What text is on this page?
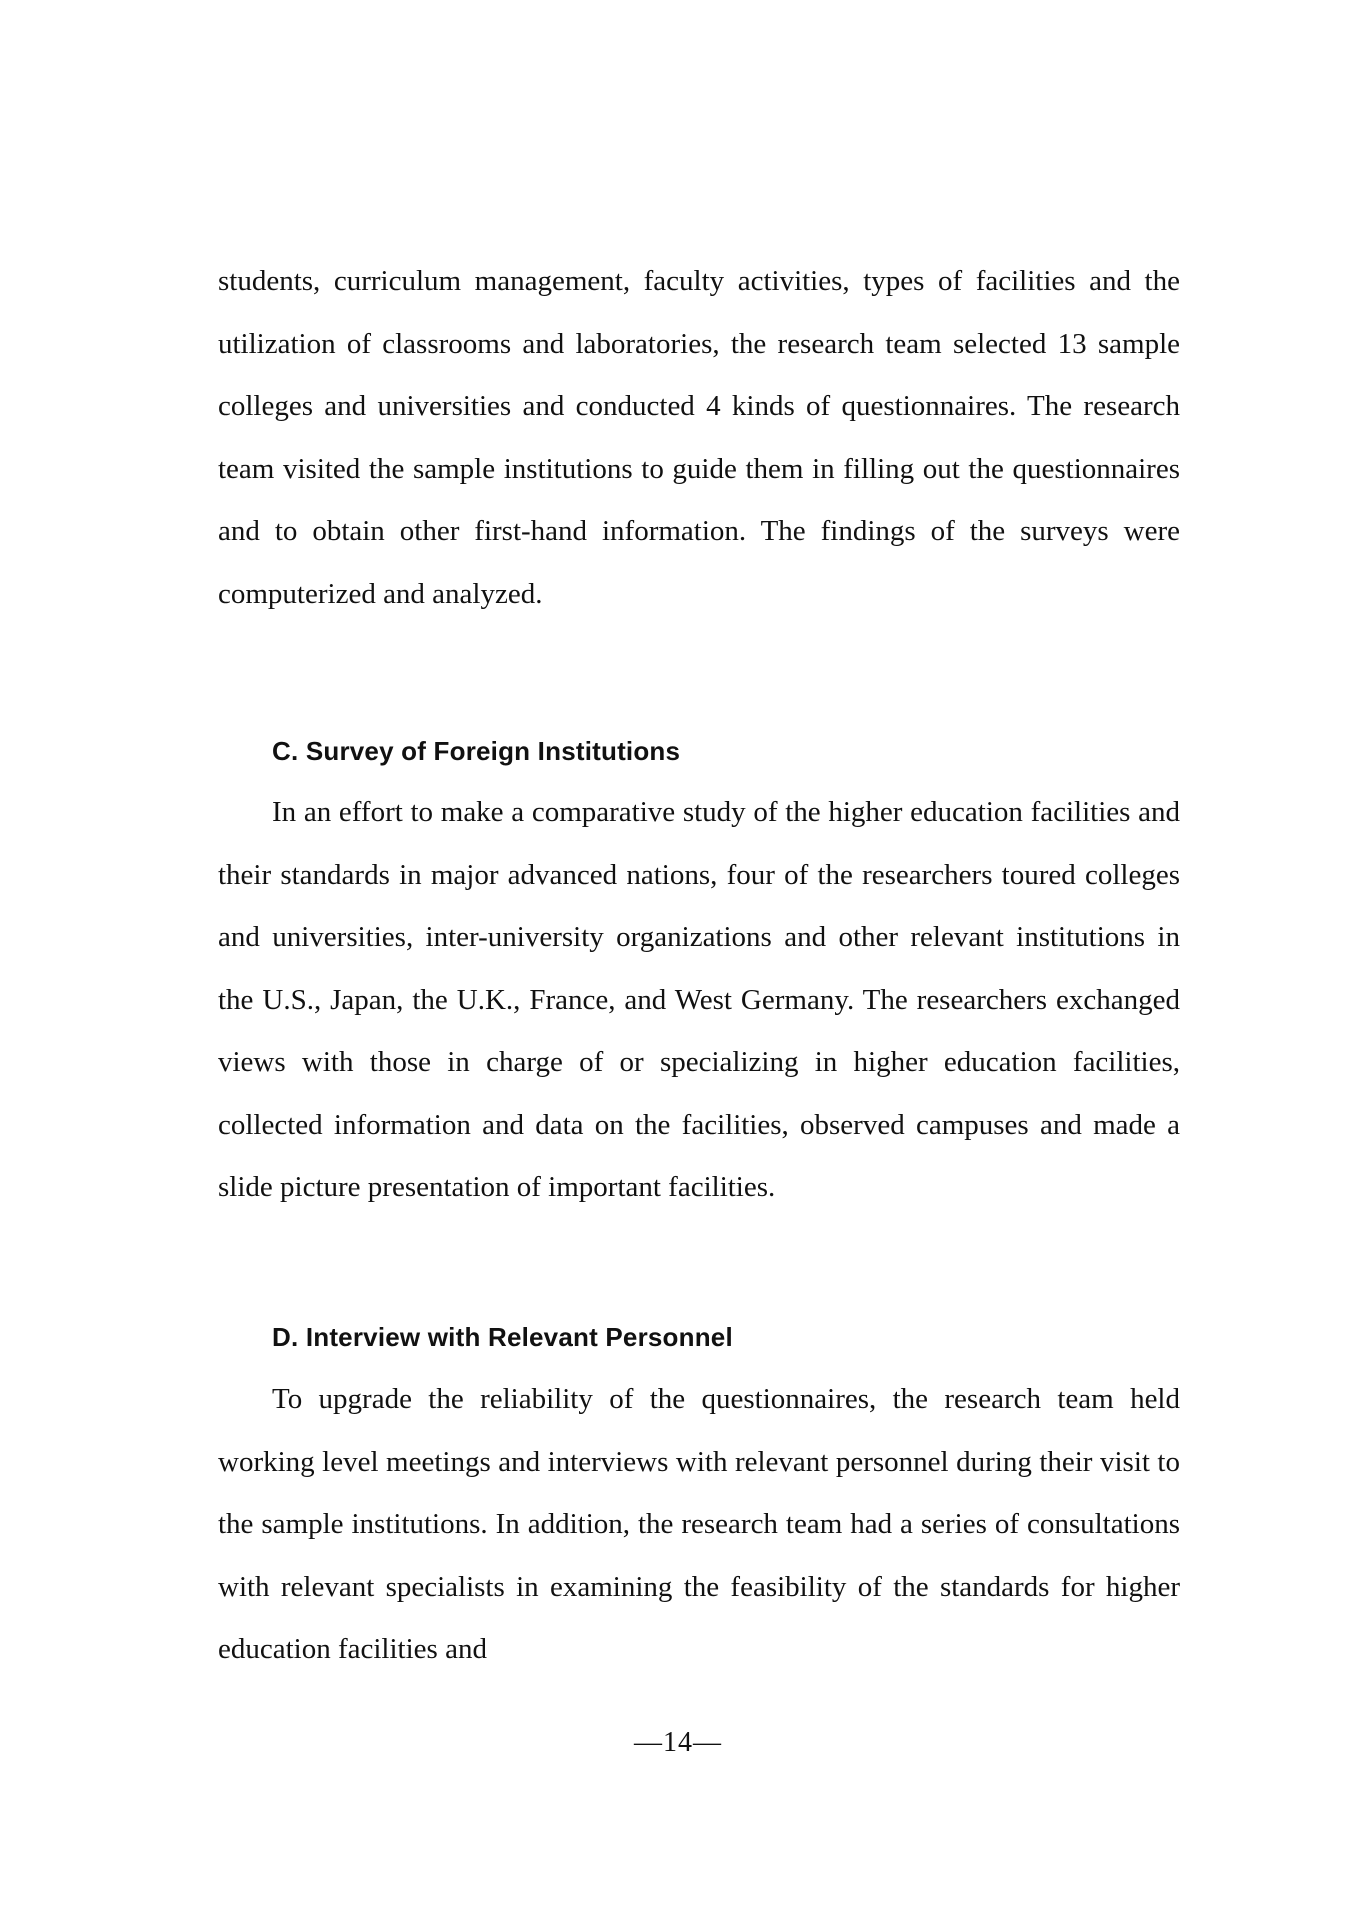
students, curriculum management, faculty activities, types of facilities and the utilization of classrooms and laboratories, the research team selected 13 sample colleges and universities and conducted 4 kinds of questionnaires. The research team visited the sample institutions to guide them in filling out the questionnaires and to obtain other first-hand information. The findings of the surveys were computerized and analyzed.

C. Survey of Foreign Institutions

In an effort to make a comparative study of the higher education facilities and their standards in major advanced nations, four of the researchers toured colleges and universities, inter-university organizations and other relevant institutions in the U.S., Japan, the U.K., France, and West Germany. The researchers exchanged views with those in charge of or specializing in higher education facilities, collected information and data on the facilities, observed campuses and made a slide picture presentation of important facilities.

D. Interview with Relevant Personnel

To upgrade the reliability of the questionnaires, the research team held working level meetings and interviews with relevant personnel during their visit to the sample institutions. In addition, the research team had a series of consultations with relevant specialists in examining the feasibility of the standards for higher education facilities and

—14—
